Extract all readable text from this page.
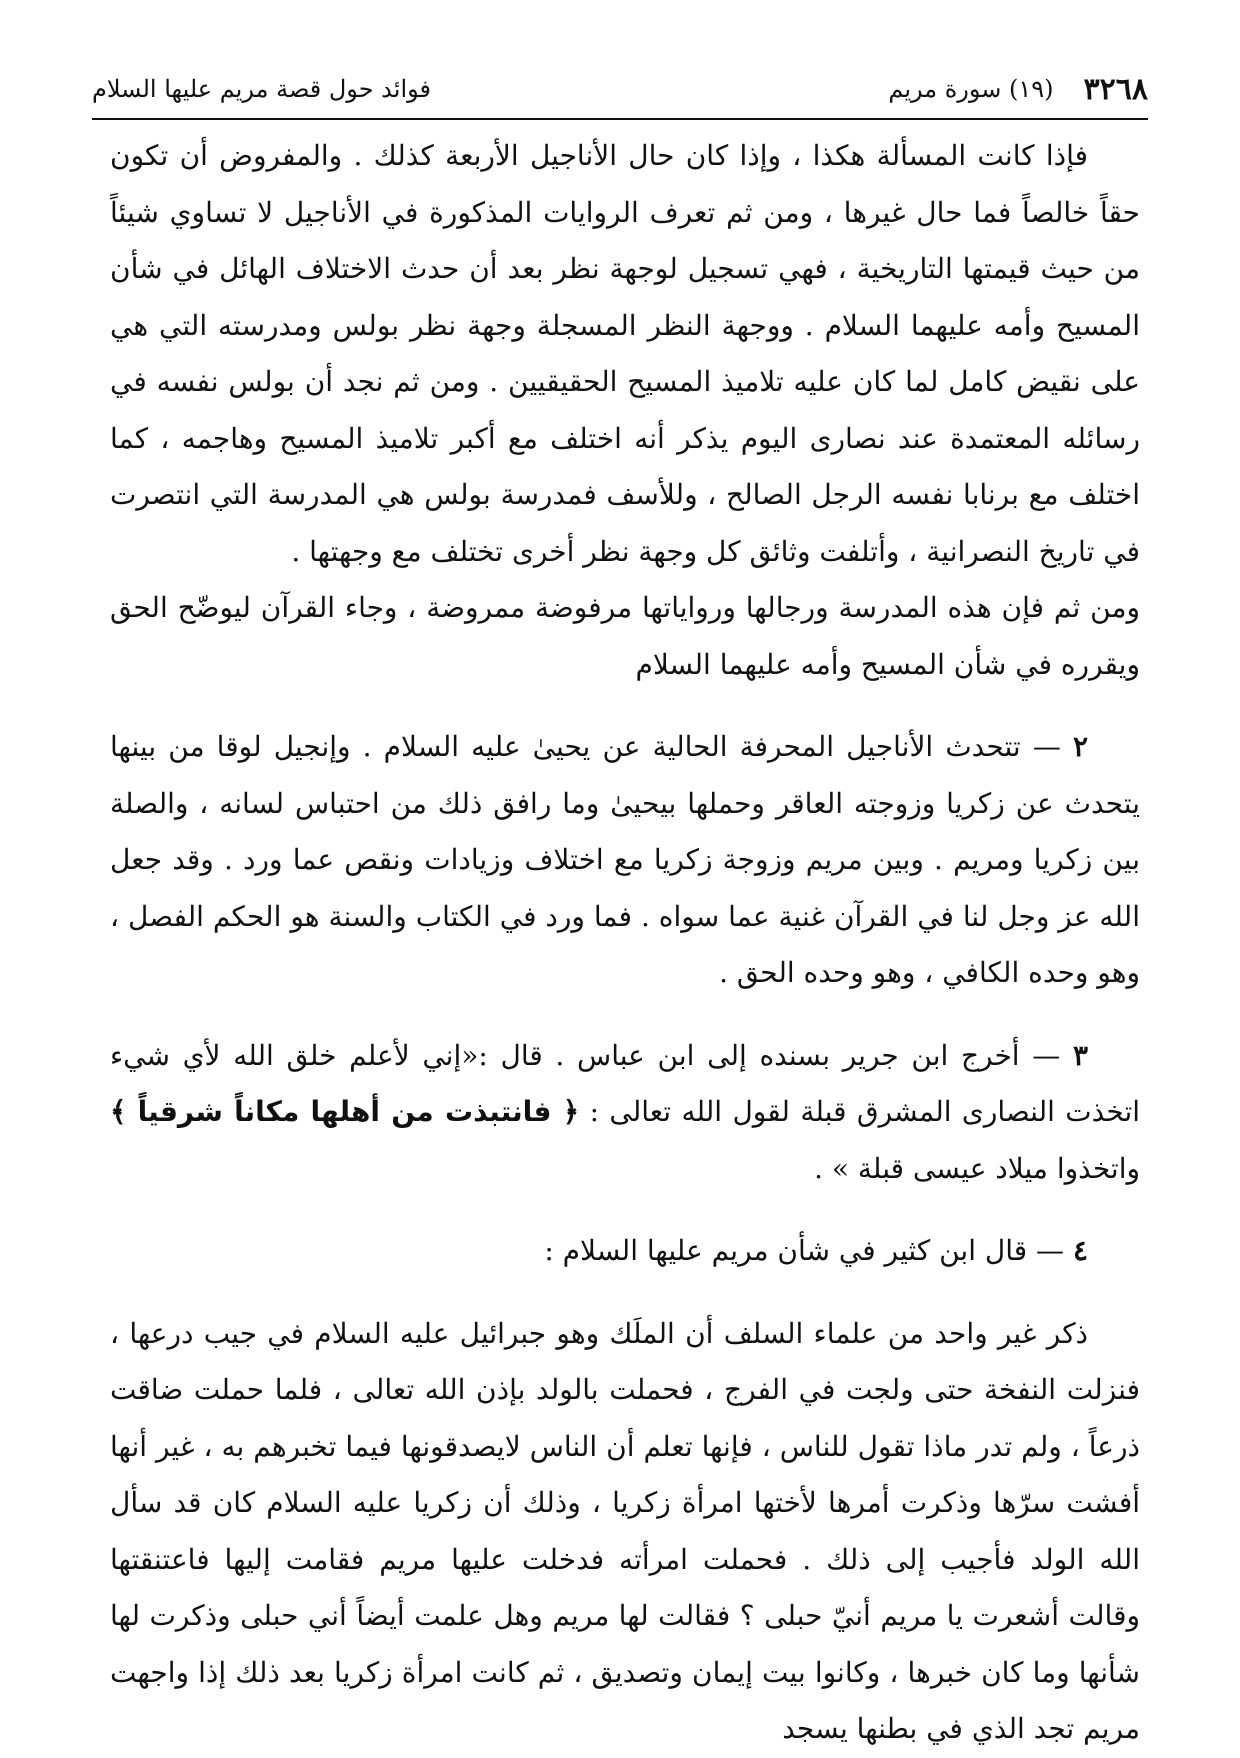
٣٢٦٨
(١٩) سورة مريم
فوائد حول قصة مريم عليها السلام

فإذا كانت المسألة هكذا ، وإذا كان حال الأناجيل الأربعة كذلك . والمفروض أن تكون حقاً خالصاً فما حال غيرها ، ومن ثم تعرف الروايات المذكورة في الأناجيل لا تساوي شيئاً من حيث قيمتها التاريخية ، فهي تسجيل لوجهة نظر بعد أن حدث الاختلاف الهائل في شأن المسيح وأمه عليهما السلام . ووجهة النظر المسجلة وجهة نظر بولس ومدرسته التي هي على نقيض كامل لما كان عليه تلاميذ المسيح الحقيقيين . ومن ثم نجد أن بولس نفسه في رسائله المعتمدة عند نصارى اليوم يذكر أنه اختلف مع أكبر تلاميذ المسيح وهاجمه ، كما اختلف مع برنابا نفسه الرجل الصالح ، وللأسف فمدرسة بولس هي المدرسة التي انتصرت في تاريخ النصرانية ، وأتلفت وثائق كل وجهة نظر أخرى تختلف مع وجهتها .

ومن ثم فإن هذه المدرسة ورجالها ورواياتها مرفوضة ممروضة ، وجاء القرآن ليوضّح الحق ويقرره في شأن المسيح وأمه عليهما السلام

٢ — تتحدث الأناجيل المحرفة الحالية عن يحيىٰ عليه السلام . وإنجيل لوقا من بينها يتحدث عن زكريا وزوجته العاقر وحملها بيحيىٰ وما رافق ذلك من احتباس لسانه ، والصلة بين زكريا ومريم . وبين مريم وزوجة زكريا مع اختلاف وزيادات ونقص عما ورد . وقد جعل الله عز وجل لنا في القرآن غنية عما سواه . فما ورد في الكتاب والسنة هو الحكم الفصل ، وهو وحده الكافي ، وهو وحده الحق .

٣ — أخرج ابن جرير بسنده إلى ابن عباس . قال :«إني لأعلم خلق الله لأي شيء اتخذت النصارى المشرق قبلة لقول الله تعالى : ﴿ فانتبذت من أهلها مكاناً شرقياً ﴾ واتخذوا ميلاد عيسى قبلة » .

٤ — قال ابن كثير في شأن مريم عليها السلام :

ذكر غير واحد من علماء السلف أن الملَك وهو جبرائيل عليه السلام في جيب درعها ، فنزلت النفخة حتى ولجت في الفرج ، فحملت بالولد بإذن الله تعالى ، فلما حملت ضاقت ذرعاً ، ولم تدر ماذا تقول للناس ، فإنها تعلم أن الناس لايصدقونها فيما تخبرهم به ، غير أنها أفشت سرّها وذكرت أمرها لأختها امرأة زكريا ، وذلك أن زكريا عليه السلام كان قد سأل الله الولد فأجيب إلى ذلك . فحملت امرأته فدخلت عليها مريم فقامت إليها فاعتنقتها وقالت أشعرت يا مريم أنيّ حبلى ؟ فقالت لها مريم وهل علمت أيضاً أني حبلى وذكرت لها شأنها وما كان خبرها ، وكانوا بيت إيمان وتصديق ، ثم كانت امرأة زكريا بعد ذلك إذا واجهت مريم تجد الذي في بطنها يسجد
